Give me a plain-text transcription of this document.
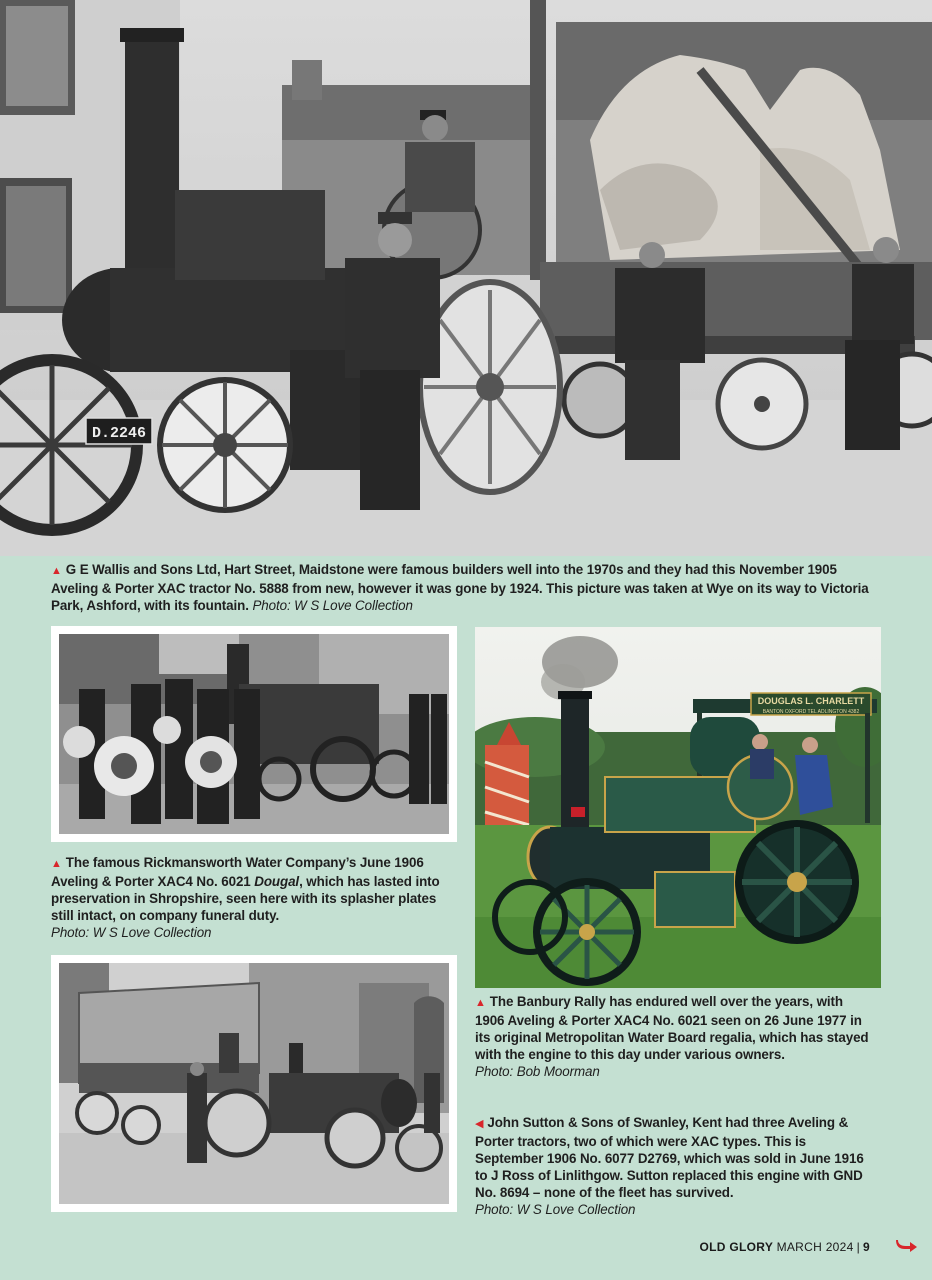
D.2246
▲ G E Wallis and Sons Ltd, Hart Street, Maidstone were famous builders well into the 1970s and they had this November 1905 Aveling & Porter XAC tractor No. 5888 from new, however it was gone by 1924. This picture was taken at Wye on its way to Victoria Park, Ashford, with its fountain. Photo: W S Love Collection
▲ The famous Rickmansworth Water Company’s June 1906 Aveling & Porter XAC4 No. 6021 Dougal, which has lasted into preservation in Shropshire, seen here with its splasher plates still intact, on company funeral duty.
Photo: W S Love Collection
DOUGLAS L. CHARLETT
BANTON OXFORD TEL ADLINGTON 4382
▲ The Banbury Rally has endured well over the years, with 1906 Aveling & Porter XAC4 No. 6021 seen on 26 June 1977 in its original Metropolitan Water Board regalia, which has stayed with the engine to this day under various owners.
Photo: Bob Moorman
◀ John Sutton & Sons of Swanley, Kent had three Aveling & Porter tractors, two of which were XAC types. This is September 1906 No. 6077 D2769, which was sold in June 1916 to J Ross of Linlithgow. Sutton replaced this engine with GND No. 8694 – none of the fleet has survived.
Photo: W S Love Collection
OLD GLORY MARCH 2024 | 9
